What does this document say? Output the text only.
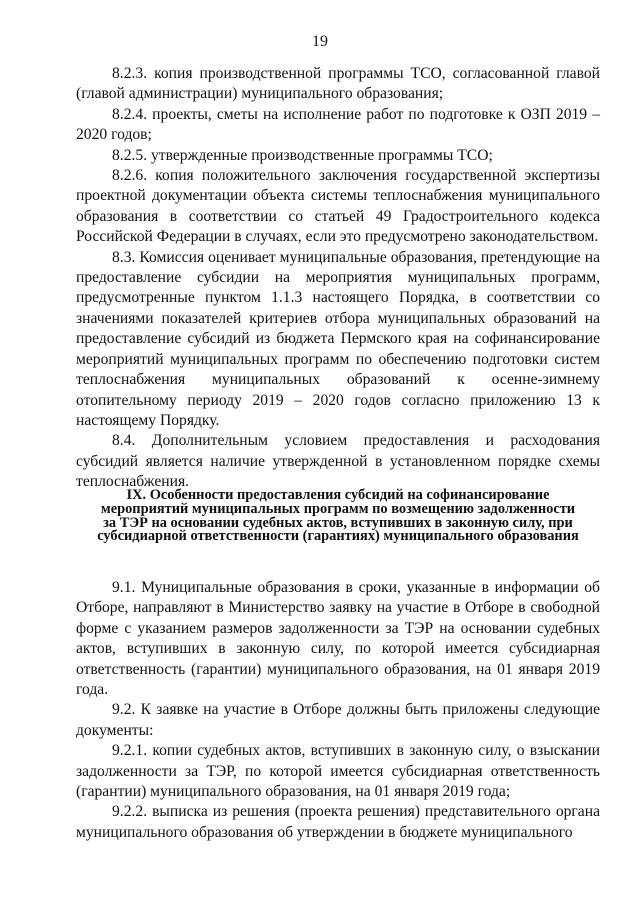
19

8.2.3. копия производственной программы ТСО, согласованной главой (главой администрации) муниципального образования;

8.2.4. проекты, сметы на исполнение работ по подготовке к ОЗП 2019 – 2020 годов;

8.2.5. утвержденные производственные программы ТСО;

8.2.6. копия положительного заключения государственной экспертизы проектной документации объекта системы теплоснабжения муниципального образования в соответствии со статьей 49 Градостроительного кодекса Российской Федерации в случаях, если это предусмотрено законодательством.

8.3. Комиссия оценивает муниципальные образования, претендующие на предоставление субсидии на мероприятия муниципальных программ, предусмотренные пунктом 1.1.3 настоящего Порядка, в соответствии со значениями показателей критериев отбора муниципальных образований на предоставление субсидий из бюджета Пермского края на софинансирование мероприятий муниципальных программ по обеспечению подготовки систем теплоснабжения муниципальных образований к осенне-зимнему отопительному периоду 2019 – 2020 годов согласно приложению 13 к настоящему Порядку.

8.4. Дополнительным условием предоставления и расходования субсидий является наличие утвержденной в установленном порядке схемы теплоснабжения.

IX. Особенности предоставления субсидий на софинансирование мероприятий муниципальных программ по возмещению задолженности за ТЭР на основании судебных актов, вступивших в законную силу, при субсидиарной ответственности (гарантиях) муниципального образования

9.1. Муниципальные образования в сроки, указанные в информации об Отборе, направляют в Министерство заявку на участие в Отборе в свободной форме с указанием размеров задолженности за ТЭР на основании судебных актов, вступивших в законную силу, по которой имеется субсидиарная ответственность (гарантии) муниципального образования, на 01 января 2019 года.

9.2. К заявке на участие в Отборе должны быть приложены следующие документы:

9.2.1. копии судебных актов, вступивших в законную силу, о взыскании задолженности за ТЭР, по которой имеется субсидиарная ответственность (гарантии) муниципального образования, на 01 января 2019 года;

9.2.2. выписка из решения (проекта решения) представительного органа муниципального образования об утверждении в бюджете муниципального
